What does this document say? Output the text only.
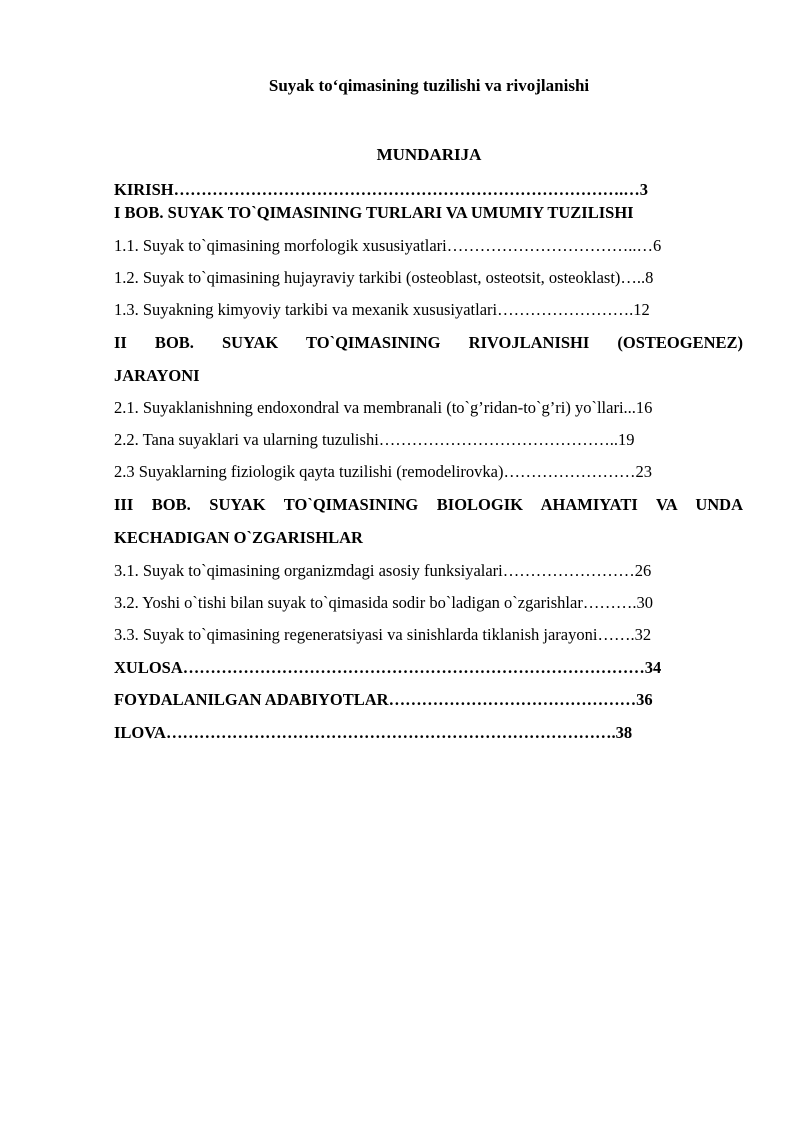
Suyak to‘qimasining tuzilishi va rivojlanishi
MUNDARIJA
KIRISH……………………………………………………………………….…3
I BOB. SUYAK TO`QIMASINING TURLARI VA UMUMIY TUZILISHI
1.1. Suyak to`qimasining morfologik xususiyatlari……………………………..…6
1.2. Suyak to`qimasining hujayraviy tarkibi (osteoblast, osteotsit, osteoklast)…..8
1.3. Suyakning kimyoviy tarkibi va mexanik xususiyatlari…………………….12
II BOB. SUYAK TO`QIMASINING RIVOJLANISHI (OSTEOGENEZ)
JARAYONI
2.1. Suyaklanishning endoxondral va membranali (to`g’ridan-to`g’ri) yo`llari...16
2.2. Tana suyaklari va ularning tuzulishi……………………………………..19
2.3 Suyaklarning fiziologik qayta tuzilishi (remodelirovka)……………………23
III BOB. SUYAK TO`QIMASINING BIOLOGIK AHAMIYATI VA UNDA
KECHADIGAN O`ZGARISHLAR
3.1. Suyak to`qimasining organizmdagi asosiy funksiyalari……………………26
3.2. Yoshi o`tishi bilan suyak to`qimasida sodir bo`ladigan o`zgarishlar……….30
3.3. Suyak to`qimasining regeneratsiyasi va sinishlarda tiklanish jarayoni…….32
XULOSA…………………………………………………………………………34
FOYDALANILGAN ADABIYOTLAR………………………………………36
ILOVA……………………………………………………………………….38
